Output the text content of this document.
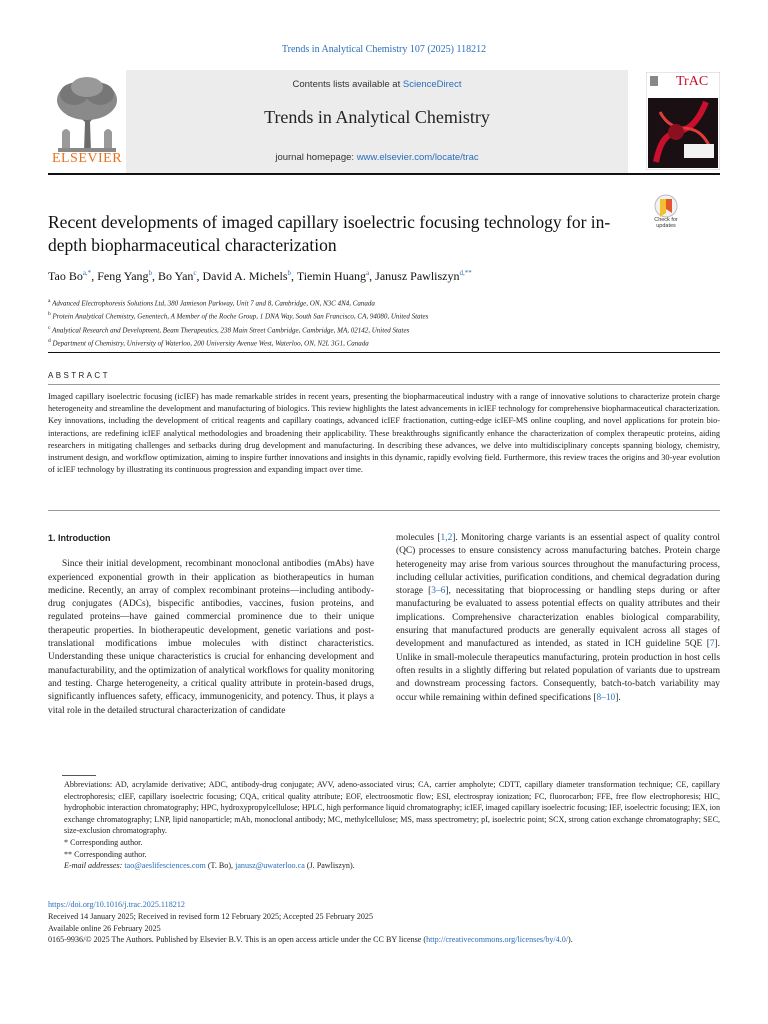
Trends in Analytical Chemistry 107 (2025) 118212
ELSEVIER
Contents lists available at ScienceDirect
Trends in Analytical Chemistry
journal homepage: www.elsevier.com/locate/trac
TrAC
Recent developments of imaged capillary isoelectric focusing technology for in-depth biopharmaceutical characterization
Check for updates
Tao $Bo^{a,*}$, Feng Yang$^b$, Bo Yan$^c$, David A. Michels$^b$, Tiemin Huang$^a$, Janusz Pawliszyn$^{d,**}$
$^a$ Advanced Electrophoresis Solutions Ltd, 380 Jamieson Parkway, Unit 7 and 8, Cambridge, ON, N3C 4N4, Canada
$^b$ Protein Analytical Chemistry, Genentech, A Member of the Roche Group, 1 DNA Way, South San Francisco, CA, 94080, United States
$^c$ Analytical Research and Development, Beam Therapeutics, 238 Main Street Cambridge, Cambridge, MA, 02142, United States
$^d$ Department of Chemistry, University of Waterloo, 200 University Avenue West, Waterloo, ON, N2L 3G1, Canada
ABSTRACT
Imaged capillary isoelectric focusing (icIEF) has made remarkable strides in recent years, presenting the biopharmaceutical industry with a range of innovative solutions to characterize protein charge heterogeneity and streamline the development and manufacturing of biologics. This review highlights the latest advancements in icIEF technology for comprehensive biopharmaceutical characterization. Key innovations, including the development of critical reagents and capillary coatings, advanced icIEF fractionation, cutting-edge icIEF-MS online coupling, and novel applications for protein bio-interactions, are redefining icIEF analytical methodologies and broadening their applicability. These breakthroughs significantly enhance the characterization of complex therapeutic proteins, aiding researchers in mitigating challenges and setbacks during drug development and manufacturing. In describing these advances, we delve into multidisciplinary concepts spanning biology, chemistry, instrument design, and workflow optimization, aiming to inspire further innovations and insights in this dynamic, rapidly evolving field. Furthermore, this review traces the origins and 30-year evolution of icIEF technology by illustrating its continuous progression and expanding impact over time.
1. Introduction

Since their initial development, recombinant monoclonal antibodies (mAbs) have experienced exponential growth in their application as biotherapeutics in human medicine. Recently, an array of complex recombinant proteins—including antibody-drug conjugates (ADCs), bispecific antibodies, vaccines, fusion proteins, and regulated proteins—have gained commercial prominence due to their unique therapeutic properties. In biotherapeutic development, genetic variations and post-translational modifications imbue molecules with distinct characteristics. Understanding these unique characteristics is crucial for enhancing development and manufacturability, and the optimization of analytical workflows for quality monitoring and testing. Charge heterogeneity, a critical quality attribute in protein-based drugs, significantly influences safety, efficacy, immunogenicity, and potency. Thus, it plays a vital role in the detailed structural characterization of candidate

molecules [1,2]. Monitoring charge variants is an essential aspect of quality control (QC) processes to ensure consistency across manufacturing batches. Protein charge heterogeneity may arise from various sources throughout the manufacturing process, including cellular activities, purification conditions, and chemical degradation during storage [3–6], necessitating that bioprocessing or handling steps during or after manufacturing be evaluated to assess potential effects on quality attributes and their implications. Comprehensive characterization enables biological comparability, ensuring that manufactured products are generally equivalent across all stages of development and manufactured as intended, as stated in ICH guideline 5QE [7]. Unlike in small-molecule therapeutics manufacturing, protein production in host cells often results in a slightly differing but related population of variants due to upstream and downstream processing factors. Consequently, batch-to-batch variability may occur while remaining within defined specifications [8–10].

Abbreviations: AD, acrylamide derivative; ADC, antibody-drug conjugate; AVV, adeno-associated virus; CA, carrier ampholyte; CDTT, capillary diameter transformation technique; CE, capillary electrophoresis; cIEF, capillary isoelectric focusing; CQA, critical quality attribute; EOF, electroosmotic flow; ESI, electrospray ionization; FC, fluorocarbon; FFE, free flow electrophoresis; HIC, hydrophobic interaction chromatography; HPC, hydroxypropylcellulose; HPLC, high performance liquid chromatography; icIEF, imaged capillary isoelectric focusing; IEF, isoelectric focusing; IEX, ion exchange chromatography; LNP, lipid nanoparticle; mAb, monoclonal antibody; MC, methylcellulose; MS, mass spectrometry; pI, isoelectric point; SCX, strong cation exchange chromatography; SEC, size-exclusion chromatography.

* Corresponding author.

** Corresponding author.

E-mail addresses: tao@aeslifesciences.com (T. Bo), janusz@uwaterloo.ca (J. Pawliszyn).

https://doi.org/10.1016/j.trac.2025.118212

Received 14 January 2025; Received in revised form 12 February 2025; Accepted 25 February 2025

Available online 26 February 2025

0165-9936/© 2025 The Authors. Published by Elsevier B.V. This is an open access article under the CC BY license (http://creativecommons.org/licenses/by/4.0/).
